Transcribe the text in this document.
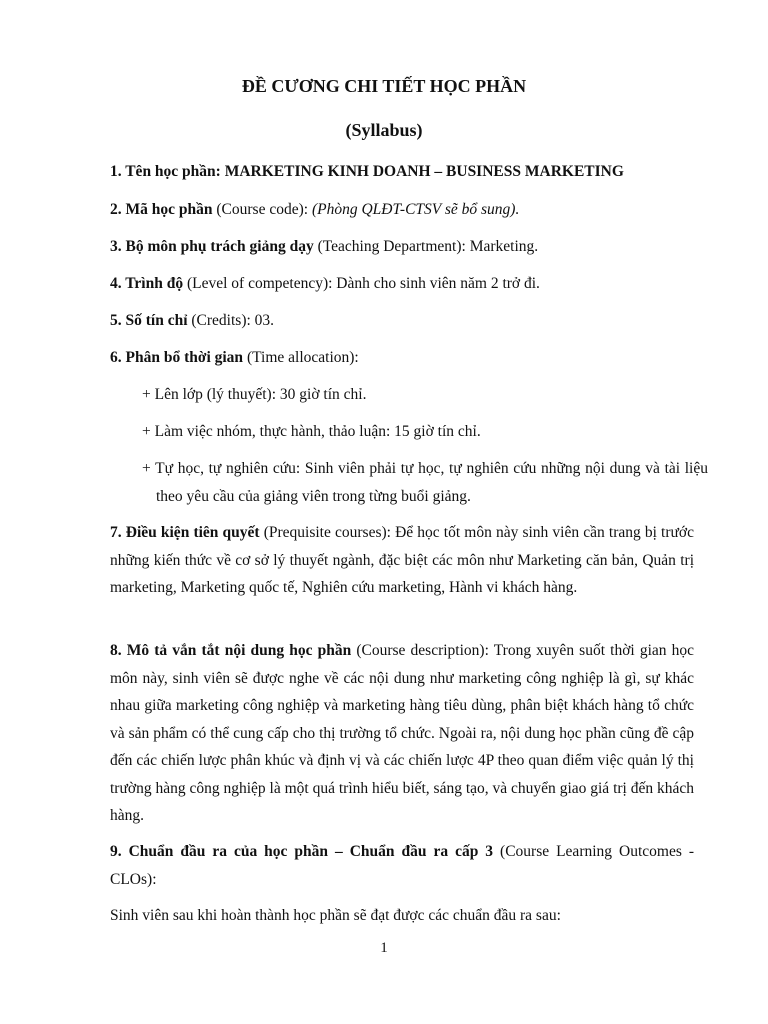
ĐỀ CƯƠNG CHI TIẾT HỌC PHẦN
(Syllabus)
1. Tên học phần: MARKETING KINH DOANH – BUSINESS MARKETING
2. Mã học phần (Course code): (Phòng QLĐT-CTSV sẽ bổ sung).
3. Bộ môn phụ trách giảng dạy (Teaching Department): Marketing.
4. Trình độ (Level of competency): Dành cho sinh viên năm 2 trở đi.
5. Số tín chỉ (Credits): 03.
6. Phân bổ thời gian (Time allocation):
+ Lên lớp (lý thuyết): 30 giờ tín chỉ.
+ Làm việc nhóm, thực hành, thảo luận: 15 giờ tín chỉ.
+ Tự học, tự nghiên cứu: Sinh viên phải tự học, tự nghiên cứu những nội dung và tài liệu theo yêu cầu của giảng viên trong từng buổi giảng.
7. Điều kiện tiên quyết (Prequisite courses): Để học tốt môn này sinh viên cần trang bị trước những kiến thức về cơ sở lý thuyết ngành, đặc biệt các môn như Marketing căn bản, Quản trị marketing, Marketing quốc tế, Nghiên cứu marketing, Hành vi khách hàng.
8. Mô tả vắn tắt nội dung học phần (Course description): Trong xuyên suốt thời gian học môn này, sinh viên sẽ được nghe về các nội dung như marketing công nghiệp là gì, sự khác nhau giữa marketing công nghiệp và marketing hàng tiêu dùng, phân biệt khách hàng tổ chức và sản phẩm có thể cung cấp cho thị trường tổ chức. Ngoài ra, nội dung học phần cũng đề cập đến các chiến lược phân khúc và định vị và các chiến lược 4P theo quan điểm việc quản lý thị trường hàng công nghiệp là một quá trình hiểu biết, sáng tạo, và chuyển giao giá trị đến khách hàng.
9. Chuẩn đầu ra của học phần – Chuẩn đầu ra cấp 3 (Course Learning Outcomes - CLOs):
Sinh viên sau khi hoàn thành học phần sẽ đạt được các chuẩn đầu ra sau:
1
